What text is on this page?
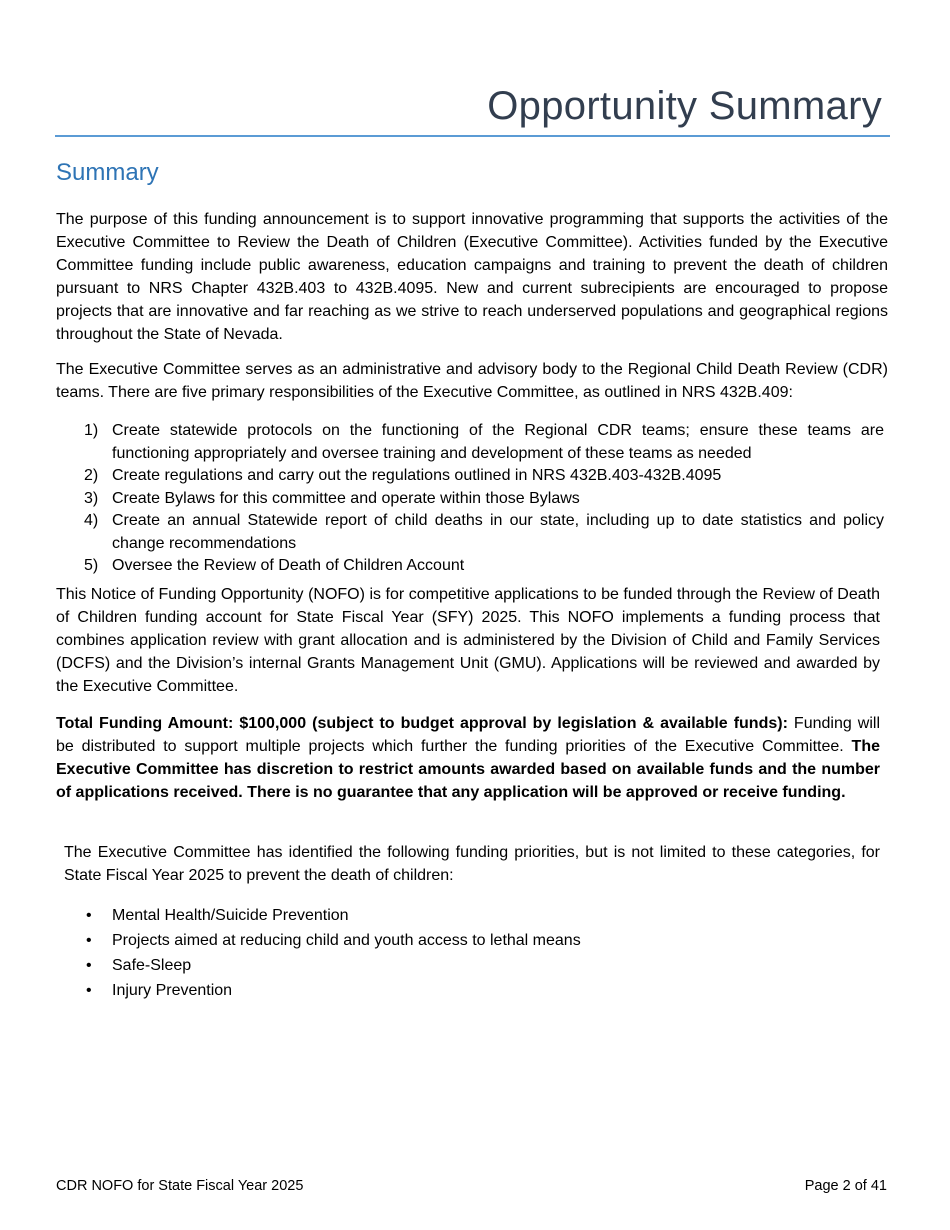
Opportunity Summary
Summary

The purpose of this funding announcement is to support innovative programming that supports the activities of the Executive Committee to Review the Death of Children (Executive Committee). Activities funded by the Executive Committee funding include public awareness, education campaigns and training to prevent the death of children pursuant to NRS Chapter 432B.403 to 432B.4095. New and current subrecipients are encouraged to propose projects that are innovative and far reaching as we strive to reach underserved populations and geographical regions throughout the State of Nevada.

The Executive Committee serves as an administrative and advisory body to the Regional Child Death Review (CDR) teams. There are five primary responsibilities of the Executive Committee, as outlined in NRS 432B.409:

1) Create statewide protocols on the functioning of the Regional CDR teams; ensure these teams are functioning appropriately and oversee training and development of these teams as needed
2) Create regulations and carry out the regulations outlined in NRS 432B.403-432B.4095
3) Create Bylaws for this committee and operate within those Bylaws
4) Create an annual Statewide report of child deaths in our state, including up to date statistics and policy change recommendations
5) Oversee the Review of Death of Children Account

This Notice of Funding Opportunity (NOFO) is for competitive applications to be funded through the Review of Death of Children funding account for State Fiscal Year (SFY) 2025. This NOFO implements a funding process that combines application review with grant allocation and is administered by the Division of Child and Family Services (DCFS) and the Division’s internal Grants Management Unit (GMU). Applications will be reviewed and awarded by the Executive Committee.

Total Funding Amount: $100,000 (subject to budget approval by legislation & available funds): Funding will be distributed to support multiple projects which further the funding priorities of the Executive Committee. The Executive Committee has discretion to restrict amounts awarded based on available funds and the number of applications received. There is no guarantee that any application will be approved or receive funding.

The Executive Committee has identified the following funding priorities, but is not limited to these categories, for State Fiscal Year 2025 to prevent the death of children:

• Mental Health/Suicide Prevention
• Projects aimed at reducing child and youth access to lethal means
• Safe-Sleep
• Injury Prevention
CDR NOFO for State Fiscal Year 2025	Page 2 of 41
